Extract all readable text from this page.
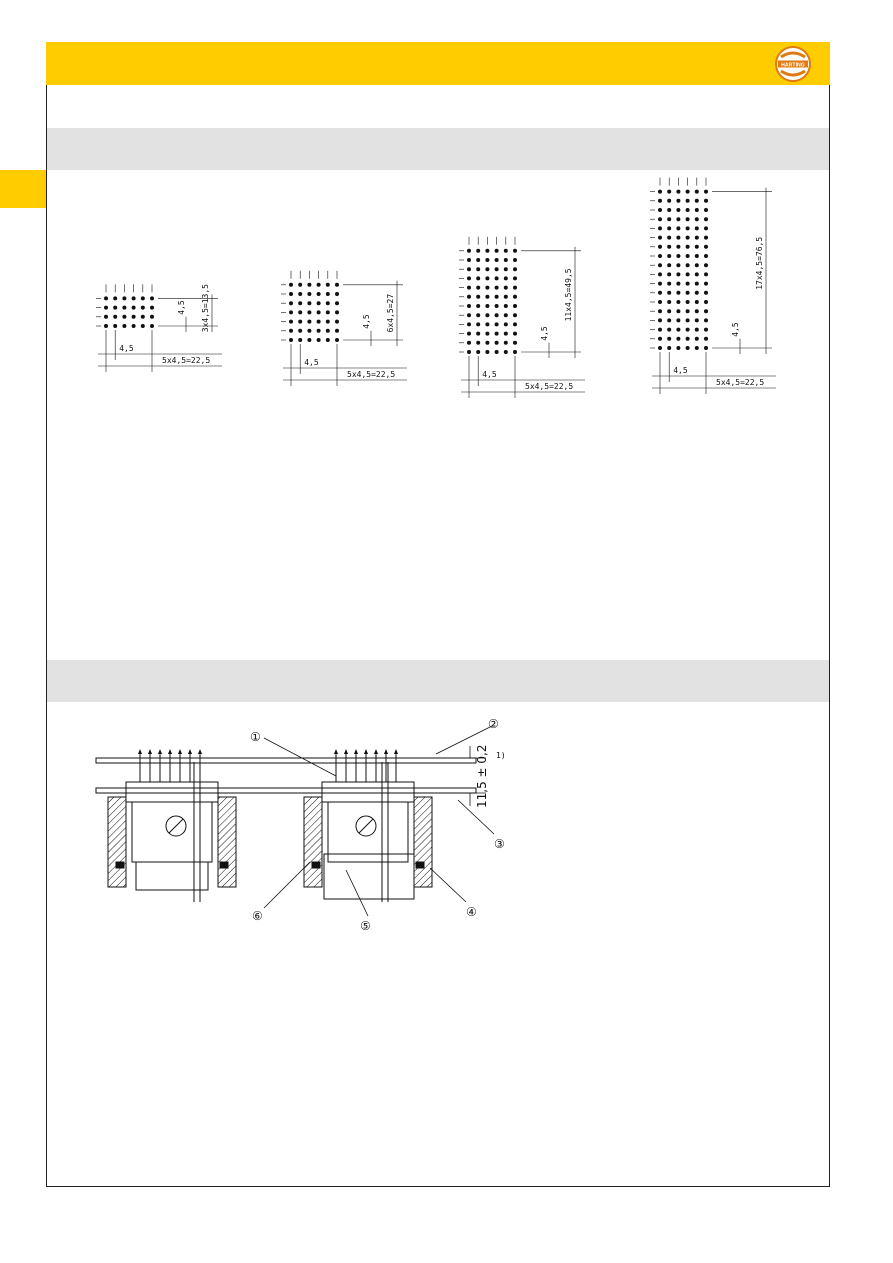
HARTING
4,5
5x4,5=22,5
3x4,5=13,5
4,5
4,5
5x4,5=22,5
6x4,5=27
4,5
4,5
5x4,5=22,5
11x4,5=49,5
4,5
4,5
5x4,5=22,5
17x4,5=76,5
4,5
11,5 ± 0,2 1)
①
②
③
④
⑤
⑥
